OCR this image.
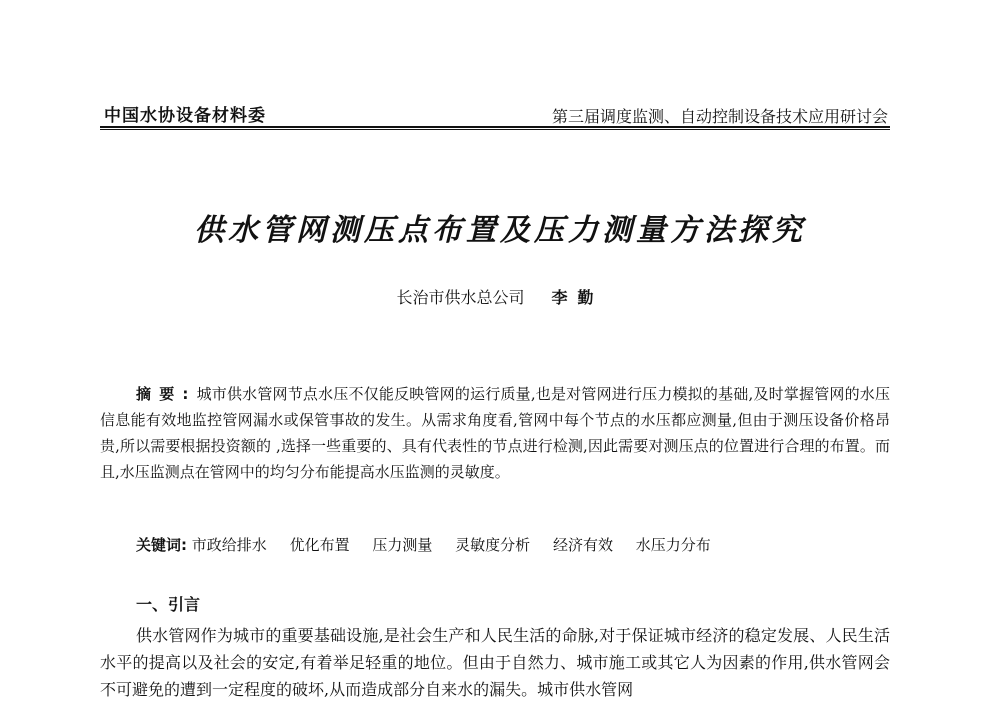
中国水协设备材料委	第三届调度监测、自动控制设备技术应用研讨会
供水管网测压点布置及压力测量方法探究
长治市供水总公司 李勤
摘要:城市供水管网节点水压不仅能反映管网的运行质量,也是对管网进行压力模拟的基础,及时掌握管网的水压信息能有效地监控管网漏水或保管事故的发生。从需求角度看,管网中每个节点的水压都应测量,但由于测压设备价格昂贵,所以需要根据投资额的 ,选择一些重要的、具有代表性的节点进行检测,因此需要对测压点的位置进行合理的布置。而且,水压监测点在管网中的均匀分布能提高水压监测的灵敏度。
关键词: 市政给排水 优化布置 压力测量 灵敏度分析 经济有效 水压力分布
一、引言
供水管网作为城市的重要基础设施,是社会生产和人民生活的命脉,对于保证城市经济的稳定发展、人民生活水平的提高以及社会的安定,有着举足轻重的地位。但由于自然力、城市施工或其它人为因素的作用,供水管网会不可避免的遭到一定程度的破坏,从而造成部分自来水的漏失。城市供水管网
